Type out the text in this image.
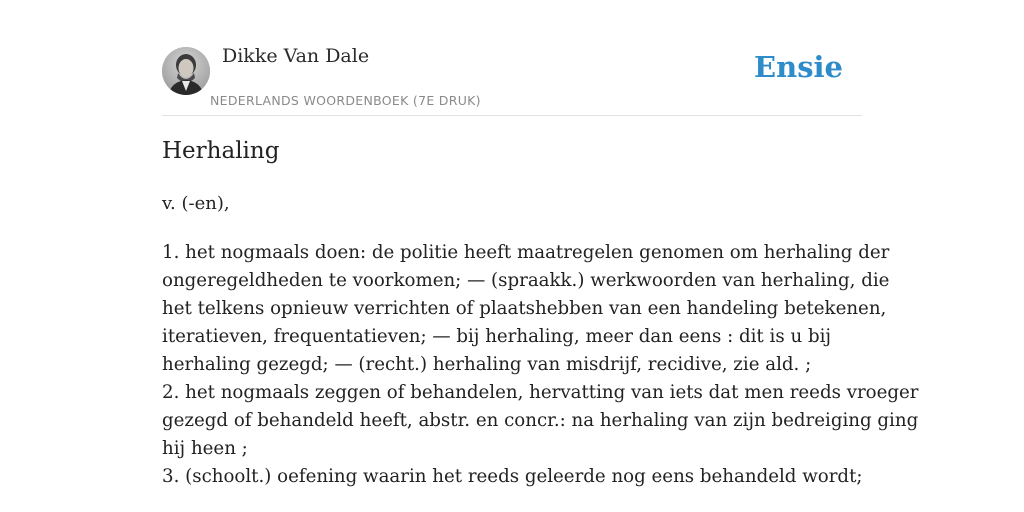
Dikke Van Dale
NEDERLANDS WOORDENBOEK (7E DRUK)
Ensie
Herhaling

v. (-en),

1. het nogmaals doen: de politie heeft maatregelen genomen om herhaling der
ongeregeldheden te voorkomen; — (spraakk.) werkwoorden van herhaling, die
het telkens opnieuw verrichten of plaatshebben van een handeling betekenen,
iteratieven, frequentatieven; — bij herhaling, meer dan eens : dit is u bij
herhaling gezegd; — (recht.) herhaling van misdrijf, recidive, zie ald. ;
2. het nogmaals zeggen of behandelen, hervatting van iets dat men reeds vroeger
gezegd of behandeld heeft, abstr. en concr.: na herhaling van zijn bedreiging ging
hij heen ;
3. (schoolt.) oefening waarin het reeds geleerde nog eens behandeld wordt;
